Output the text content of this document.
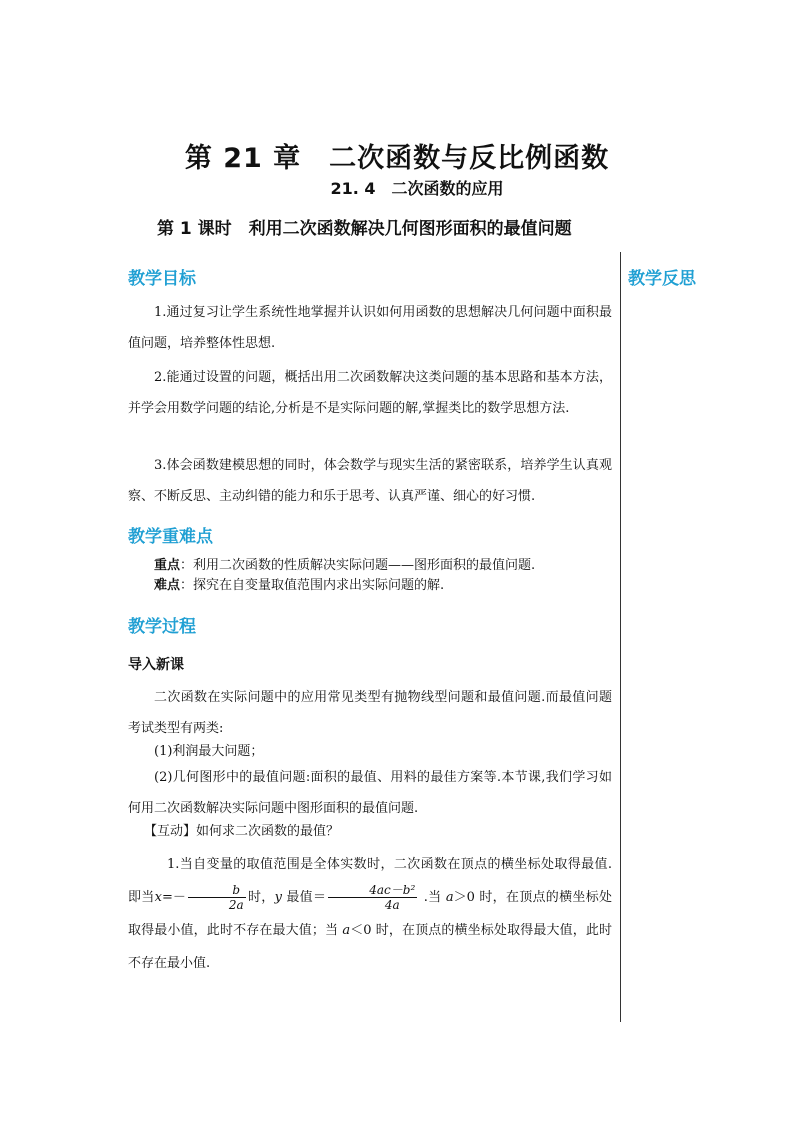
第 21 章　二次函数与反比例函数
21. 4　二次函数的应用
第 1 课时　利用二次函数解决几何图形面积的最值问题
教学反思
教学目标
1.通过复习让学生系统性地掌握并认识如何用函数的思想解决几何问题中面积最值问题，培养整体性思想.
2.能通过设置的问题，概括出用二次函数解决这类问题的基本思路和基本方法，并学会用数学问题的结论,分析是不是实际问题的解,掌握类比的数学思想方法.
3.体会函数建模思想的同时，体会数学与现实生活的紧密联系，培养学生认真观察、不断反思、主动纠错的能力和乐于思考、认真严谨、细心的好习惯.
教学重难点
重点：利用二次函数的性质解决实际问题——图形面积的最值问题.
难点：探究在自变量取值范围内求出实际问题的解.
教学过程
导入新课
二次函数在实际问题中的应用常见类型有抛物线型问题和最值问题.而最值问题考试类型有两类:
(1)利润最大问题；
(2)几何图形中的最值问题:面积的最值、用料的最佳方案等.本节课,我们学习如何用二次函数解决实际问题中图形面积的最值问题.
【互动】如何求二次函数的最值？
1.当自变量的取值范围是全体实数时，二次函数在顶点的横坐标处取得最值.即当$x=- \frac{b}{2a}$ 时，y 最值＝ $\frac{\text{4ac－b²}}{4a}$ .当 a＞0 时，在顶点的横坐标处取得最小值，此时不存在最大值；当 a＜0 时，在顶点的横坐标处取得最大值，此时不存在最小值.
